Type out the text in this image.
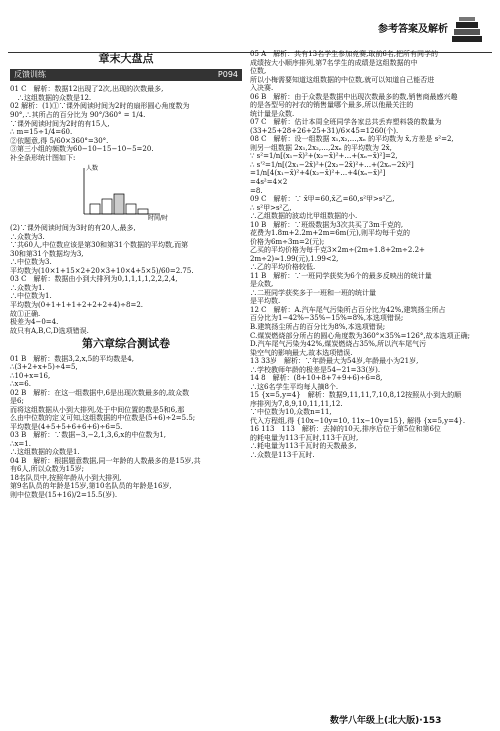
参考答案及解析
章末大盘点
反馈训练	P094
01 C　解析：数据12出现了2次,出现的次数最多,
　∴这组数据的众数是12.
02 解析：(1)①∵课外阅读时间为2时的扇形圆心角度数为
90°,∴其所占的百分比为 90°/360° = 1/4.
∵课外阅读时间为2时的有15人,
∴ m=15÷1/4=60.
②依题意,得 5/60×360°=30°.
③第三小组的频数为60−10−15−10−5=20.
补全条形统计图如下:
人数
时间/时
(2)∵课外阅读时间为3时的有20人,最多,
∴众数为3.
∵共60人,中位数应该是第30和第31个数据的平均数,而第
30和第31个数据均为3,
∴中位数为3.
平均数为(10×1+15×2+20×3+10×4+5×5)/60=2.75.
03 C　解析：数据由小到大排列为0,1,1,1,1,2,2,2,4,
∴众数为1.
∴中位数为1.
平均数为(0+1+1+1+2+2+2+4)÷8=2.
故①正确.
极差为4−0=4.
故只有A,B,C,D选项错误.
第六章综合测试卷
01 B　解析：数据3,2,x,5的平均数是4,
∴(3+2+x+5)÷4=5,
∴10+x=16,
∴x=6.
02 B　解析：在这一组数据中,6是出现次数最多的,故众数
是6;
而将这组数据从小到大排列,处于中间位置的数是5和6,那
么由中位数的定义可知,这组数据的中位数是(5+6)÷2=5.5;
平均数是(4+5+5+6+6+6)÷6=5.
03 B　解析：∵数据−3,−2,1,3,6,x的中位数为1,
∴x=1.
∴这组数据的众数是1.
04 B　解析：根据题意数据,同一年龄的人数最多的是15岁,共
有6人,所以众数为15岁;
18名队员中,按照年龄从小到大排列,
第9名队员的年龄是15岁,第10名队员的年龄是16岁,
则中位数是(15+16)/2=15.5(岁).
05 A　解析：共有13名学生参加竞赛,取前6名,把所有同学的
成绩按大小顺序排列,第7名学生的成绩是这组数据的中
位数,
所以小梅需要知道这组数据的中位数,就可以知道自己能否进
入决赛.
06 B　解析：由于众数是数据中出现次数最多的数,销售商最感兴趣
的是各型号的衬衣的销售量哪个最多,所以他最关注的
统计量是众数.
07 C　解析：估计本周全班同学各家总共丢弃塑料袋的数量为
(33+25+28+26+25+31)/6×45=1260(个).
08 C　解析：设一组数据 x₁,x₂,…,xₙ 的平均数为 x̄,方差是 s²=2,
则另一组数据 2x₁,2x₂,…,2xₙ 的平均数为 2x̄,
∵ s²=1/n[(x₁−x̄)²+(x₂−x̄)²+…+(xₙ−x̄)²]=2,
∴ s'²=1/n[(2x₁−2x̄)²+(2x₂−2x̄)²+…+(2xₙ−2x̄)²]
=1/n[4(x₁−x̄)²+4(x₂−x̄)²+…+4(xₙ−x̄)²]
=4s²=4×2
=8.
09 C　解析：∵ x̄甲=60,x̄乙=60,s²甲>s²乙,
∴ s²甲>s²乙,
∴乙组数据的波动比甲组数据的小.
10 B　解析：∵班级数据为3次共买了3m千克的,
花费为1.8m+2.2m+2m=6m(元),则平均每千克的
价格为6m÷3m=2(元);
乙买的平均价格为每千克3×2m÷(2m÷1.8+2m÷2.2+
2m÷2)≈1.99(元),1.99<2,
∴乙的平均价格较低.
11 B　解析：∵一班同学获奖为6个的最多反映出的统计量
是众数,
∴二班同学获奖多于一班和一班的统计量
是平均数.
12 C　解析：A.汽车尾气污染所占百分比为42%,建筑扬尘所占
百分比为1−42%−35%−15%=8%,本选项错误;
B.建筑扬尘所占的百分比为8%,本选项错误;
C.煤炭燃烧部分所占的圆心角度数为360°×35%=126°,故本选项正确;
D.汽车尾气污染为42%,煤炭燃烧占35%,所以汽车尾气污
染空气的影响最大,故本选项错误.
13 33岁　解析：∵年龄最大为54岁,年龄最小为21岁,
∴学校教师年龄的极差是54−21=33(岁).
14 8　解析：(8+10+8+7+9+6)÷6=8,
∴这6名学生平均每人摘8个.
15 {x=5,y=4}　解析：数据9,11,11,7,10,8,12按照从小到大的顺
序排列为7,8,9,10,11,11,12.
∵中位数为10,众数n=11,
代入方程组,得 {10x−10y=10, 11x−10y=15}, 解得 {x=5,y=4}.
16 113　113　解析：去掉的10天,排序后位于第5位和第6位
的耗电量为113千瓦时,113千瓦时,
∴耗电量为113千瓦时的天数最多,
∴众数是113千瓦时.
数学八年级上(北大版)·153
